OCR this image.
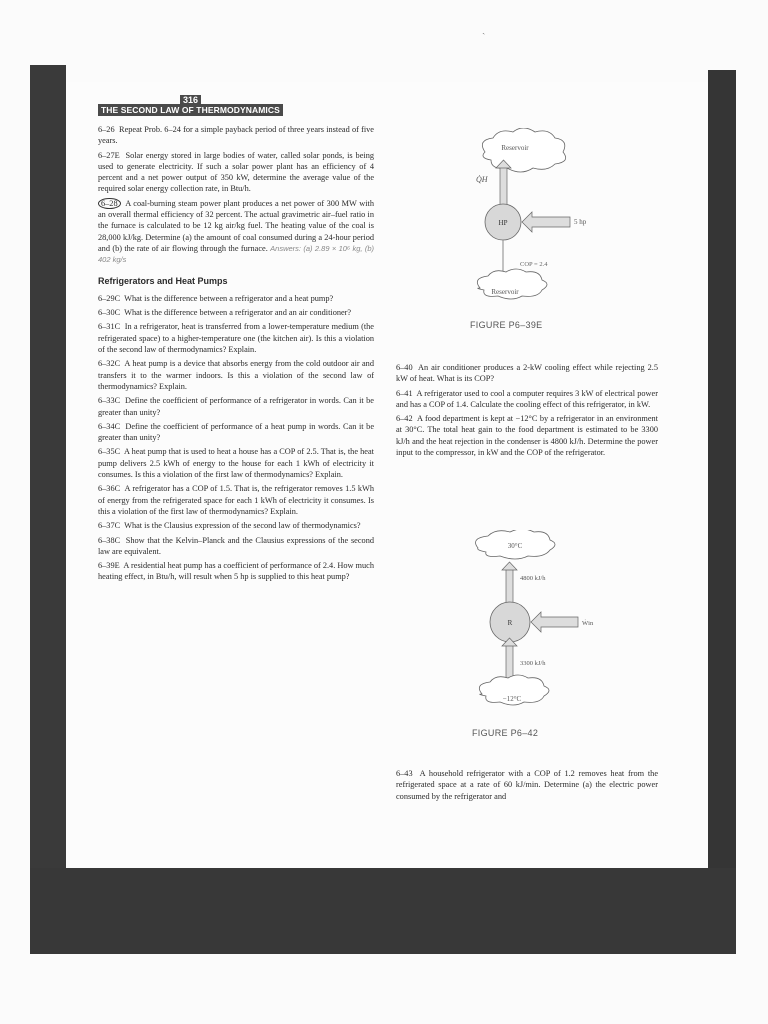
THE SECOND LAW OF THERMODYNAMICS
316

6–26 Repeat Prob. 6–24 for a simple payback period of three years instead of five years.

6–27E Solar energy stored in large bodies of water, called solar ponds, is being used to generate electricity. If such a solar power plant has an efficiency of 4 percent and a net power output of 350 kW, determine the average value of the required solar energy collection rate, in Btu/h.

6–28 A coal-burning steam power plant produces a net power of 300 MW with an overall thermal efficiency of 32 percent. The actual gravimetric air–fuel ratio in the furnace is calculated to be 12 kg air/kg fuel. The heating value of the coal is 28,000 kJ/kg. Determine (a) the amount of coal consumed during a 24-hour period and (b) the rate of air flowing through the furnace. Answers: (a) 2.89 × 10⁶ kg, (b) 402 kg/s

Refrigerators and Heat Pumps

6–29C What is the difference between a refrigerator and a heat pump?

6–30C What is the difference between a refrigerator and an air conditioner?

6–31C In a refrigerator, heat is transferred from a lower-temperature medium (the refrigerated space) to a higher-temperature one (the kitchen air). Is this a violation of the second law of thermodynamics? Explain.

6–32C A heat pump is a device that absorbs energy from the cold outdoor air and transfers it to the warmer indoors. Is this a violation of the second law of thermodynamics? Explain.

6–33C Define the coefficient of performance of a refrigerator in words. Can it be greater than unity?

6–34C Define the coefficient of performance of a heat pump in words. Can it be greater than unity?

6–35C A heat pump that is used to heat a house has a COP of 2.5. That is, the heat pump delivers 2.5 kWh of energy to the house for each 1 kWh of electricity it consumes. Is this a violation of the first law of thermodynamics? Explain.

6–36C A refrigerator has a COP of 1.5. That is, the refrigerator removes 1.5 kWh of energy from the refrigerated space for each 1 kWh of electricity it consumes. Is this a violation of the first law of thermodynamics? Explain.

6–37C What is the Clausius expression of the second law of thermodynamics?

6–38C Show that the Kelvin–Planck and the Clausius expressions of the second law are equivalent.

6–39E A residential heat pump has a coefficient of performance of 2.4. How much heating effect, in Btu/h, will result when 5 hp is supplied to this heat pump?

Reservoir
Q̇H
HP	5 hp
COP = 2.4
Reservoir
FIGURE P6–39E

6–40 An air conditioner produces a 2-kW cooling effect while rejecting 2.5 kW of heat. What is its COP?

6–41 A refrigerator used to cool a computer requires 3 kW of electrical power and has a COP of 1.4. Calculate the cooling effect of this refrigerator, in kW.

6–42 A food department is kept at −12°C by a refrigerator in an environment at 30°C. The total heat gain to the food department is estimated to be 3300 kJ/h and the heat rejection in the condenser is 4800 kJ/h. Determine the power input to the compressor, in kW and the COP of the refrigerator.

30°C
4800 kJ/h
R	Ẇin
3300 kJ/h
−12°C
FIGURE P6–42

6–43 A household refrigerator with a COP of 1.2 removes heat from the refrigerated space at a rate of 60 kJ/min. Determine (a) the electric power consumed by the refrigerator and

ˏ
